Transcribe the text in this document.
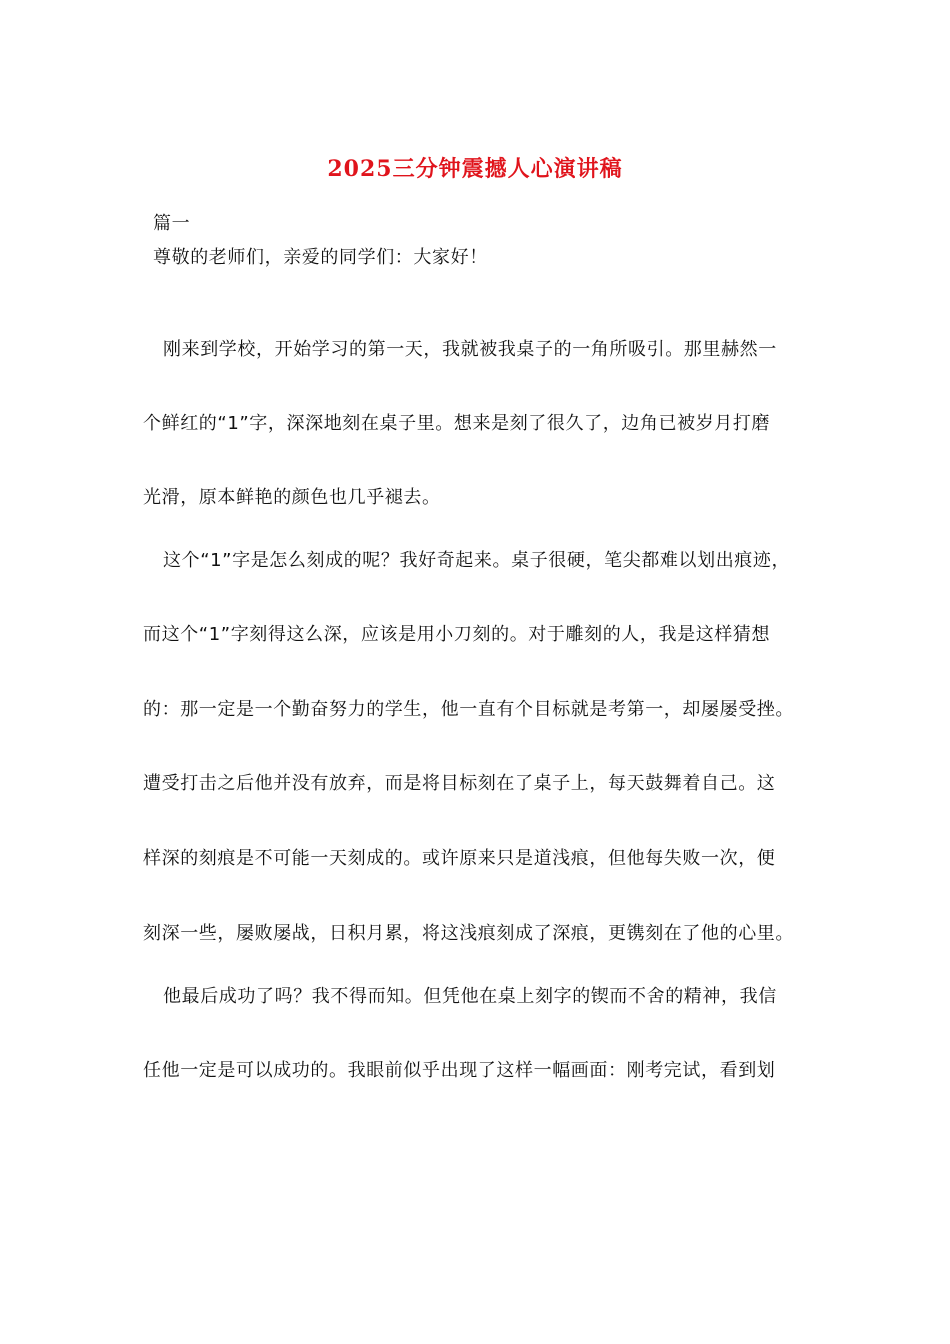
2025三分钟震撼人心演讲稿
篇一
尊敬的老师们，亲爱的同学们：大家好！
刚来到学校，开始学习的第一天，我就被我桌子的一角所吸引。那里赫然一
个鲜红的“1”字，深深地刻在桌子里。想来是刻了很久了，边角已被岁月打磨
光滑，原本鲜艳的颜色也几乎褪去。
这个“1”字是怎么刻成的呢？我好奇起来。桌子很硬，笔尖都难以划出痕迹，
而这个“1”字刻得这么深，应该是用小刀刻的。对于雕刻的人，我是这样猜想
的：那一定是一个勤奋努力的学生，他一直有个目标就是考第一，却屡屡受挫。
遭受打击之后他并没有放弃，而是将目标刻在了桌子上，每天鼓舞着自己。这
样深的刻痕是不可能一天刻成的。或许原来只是道浅痕，但他每失败一次，便
刻深一些，屡败屡战，日积月累，将这浅痕刻成了深痕，更镌刻在了他的心里。
他最后成功了吗？我不得而知。但凭他在桌上刻字的锲而不舍的精神，我信
任他一定是可以成功的。我眼前似乎出现了这样一幅画面：刚考完试，看到划
